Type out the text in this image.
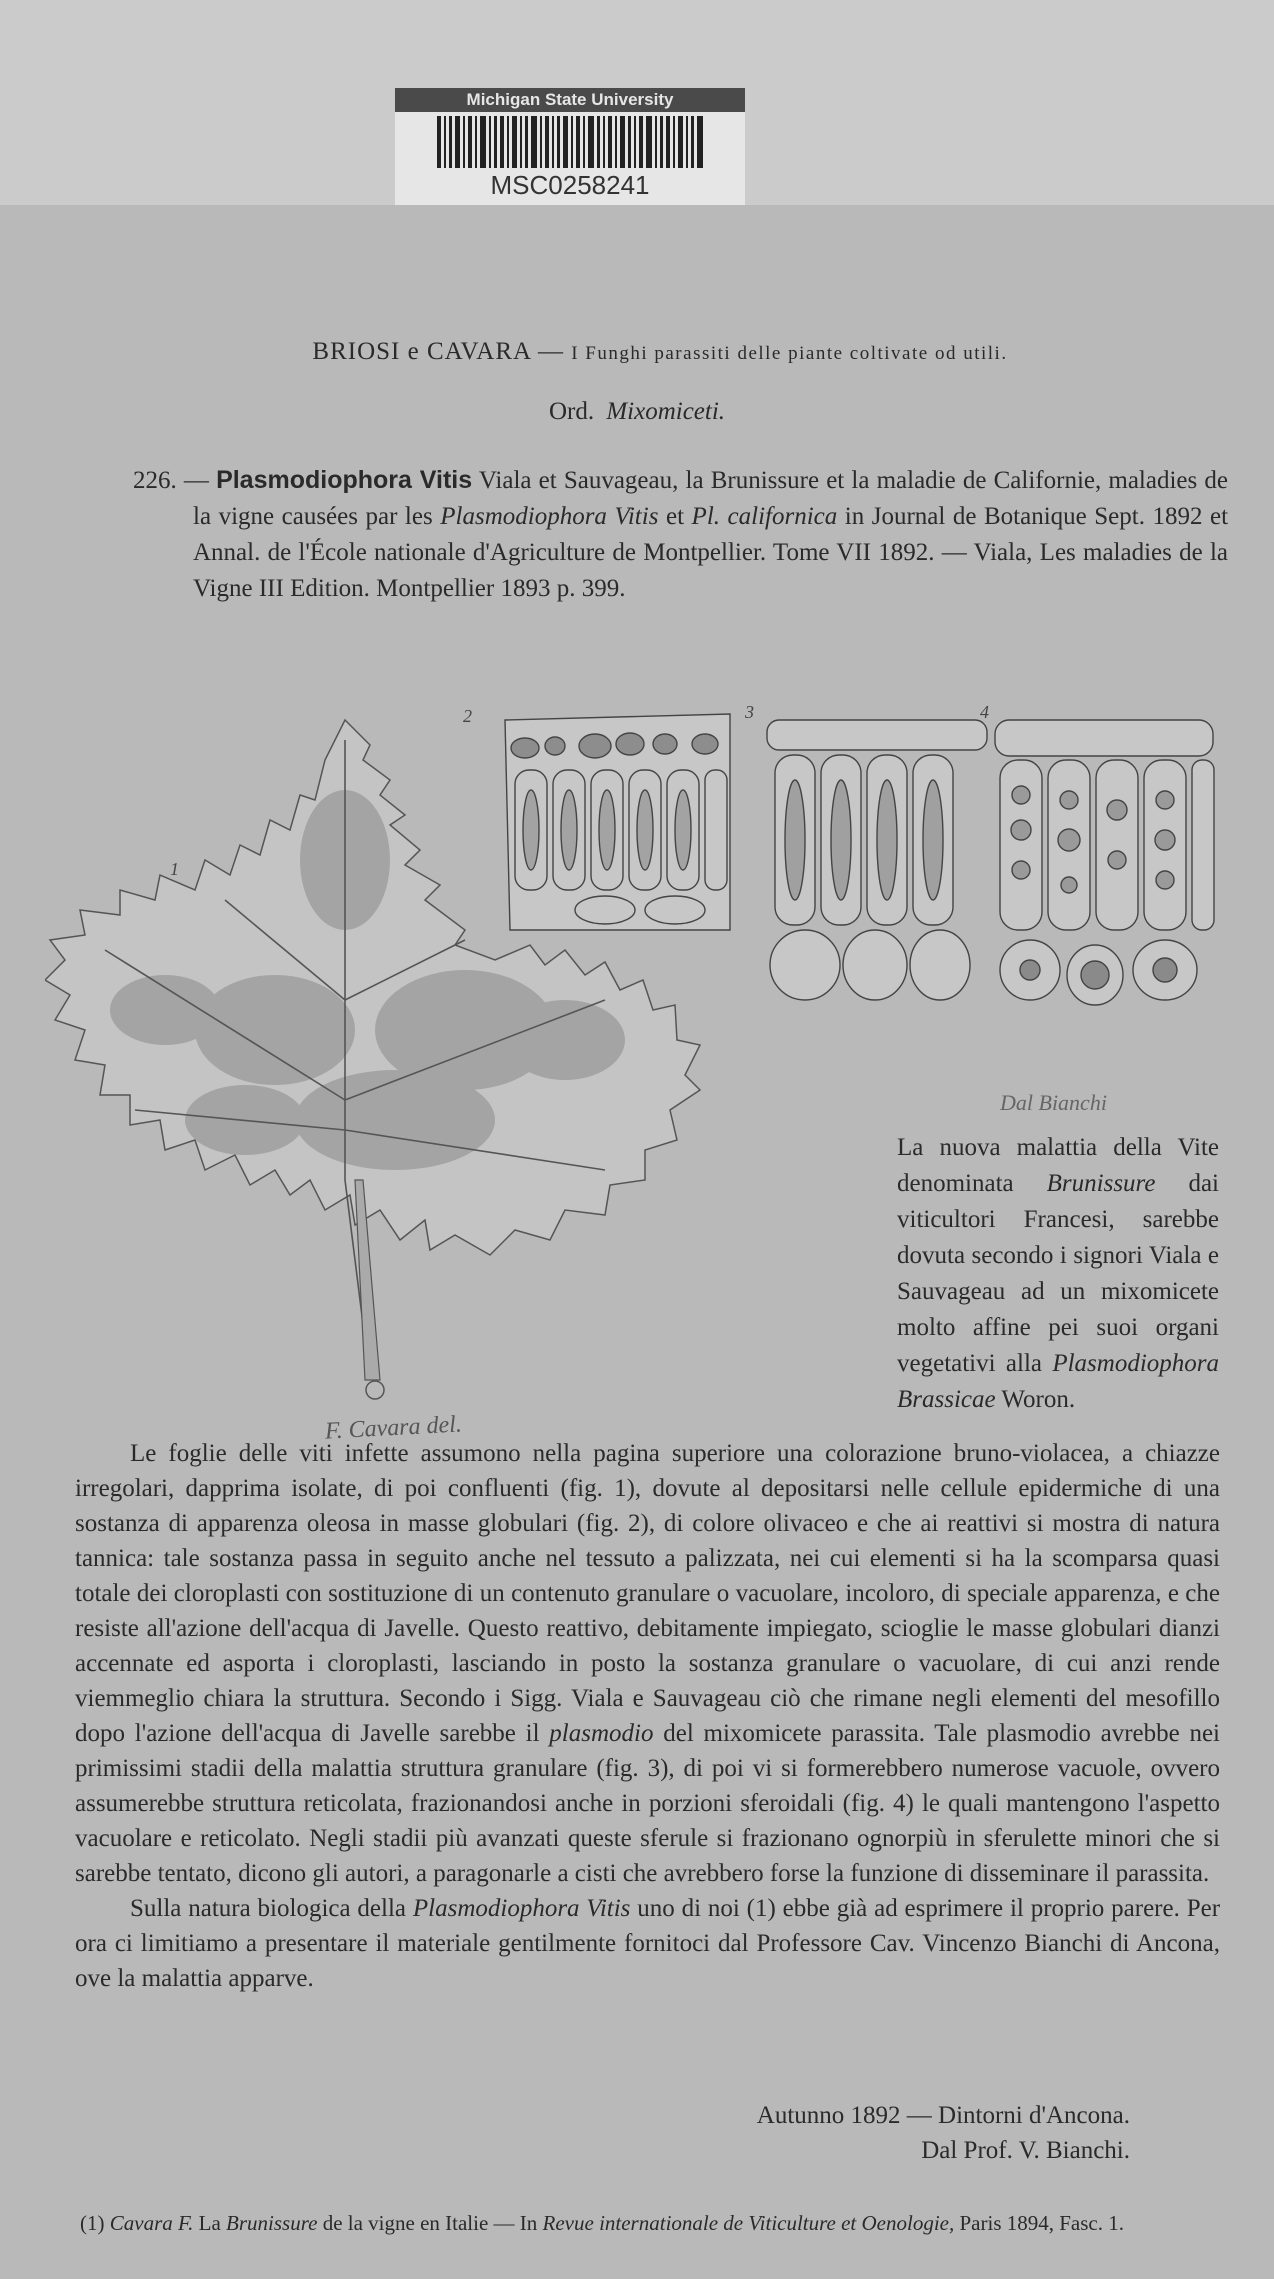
Michigan State University
MSC0258241
BRIOSI e CAVARA — I Funghi parassiti delle piante coltivate od utili.
Ord. Mixomiceti.
226. — Plasmodiophora Vitis Viala et Sauvageau, la Brunissure et la maladie de Californie, maladies de la vigne causées par les Plasmodiophora Vitis et Pl. californica in Journal de Botanique Sept. 1892 et Annal. de l'École nationale d'Agriculture de Montpellier. Tome VII 1892. — Viala, Les maladies de la Vigne III Edition. Montpellier 1893 p. 399.
1
2	3	4
Dal Bianchi
La nuova malattia della Vite denominata Brunissure dai viticultori Francesi, sarebbe dovuta secondo i signori Viala e Sauvageau ad un mixomicete molto affine pei suoi organi vegetativi alla Plasmodiophora Brassicae Woron.
F. Cavara del.

Le foglie delle viti infette assumono nella pagina superiore una colorazione bruno-violacea, a chiazze irregolari, dapprima isolate, di poi confluenti (fig. 1), dovute al depositarsi nelle cellule epidermiche di una sostanza di apparenza oleosa in masse globulari (fig. 2), di colore olivaceo e che ai reattivi si mostra di natura tannica: tale sostanza passa in seguito anche nel tessuto a palizzata, nei cui elementi si ha la scomparsa quasi totale dei cloroplasti con sostituzione di un contenuto granulare o vacuolare, incoloro, di speciale apparenza, e che resiste all'azione dell'acqua di Javelle. Questo reattivo, debitamente impiegato, scioglie le masse globulari dianzi accennate ed asporta i cloroplasti, lasciando in posto la sostanza granulare o vacuolare, di cui anzi rende viemmeglio chiara la struttura. Secondo i Sigg. Viala e Sauvageau ciò che rimane negli elementi del mesofillo dopo l'azione dell'acqua di Javelle sarebbe il plasmodio del mixomicete parassita. Tale plasmodio avrebbe nei primissimi stadii della malattia struttura granulare (fig. 3), di poi vi si formerebbero numerose vacuole, ovvero assumerebbe struttura reticolata, frazionandosi anche in porzioni sferoidali (fig. 4) le quali mantengono l'aspetto vacuolare e reticolato. Negli stadii più avanzati queste sferule si frazionano ognorpiù in sferulette minori che si sarebbe tentato, dicono gli autori, a paragonarle a cisti che avrebbero forse la funzione di disseminare il parassita.

Sulla natura biologica della Plasmodiophora Vitis uno di noi (1) ebbe già ad esprimere il proprio parere. Per ora ci limitiamo a presentare il materiale gentilmente fornitoci dal Professore Cav. Vincenzo Bianchi di Ancona, ove la malattia apparve.

Autunno 1892 — Dintorni d'Ancona.
Dal Prof. V. Bianchi.
(1) Cavara F. La Brunissure de la vigne en Italie — In Revue internationale de Viticulture et Oenologie, Paris 1894, Fasc. 1.
